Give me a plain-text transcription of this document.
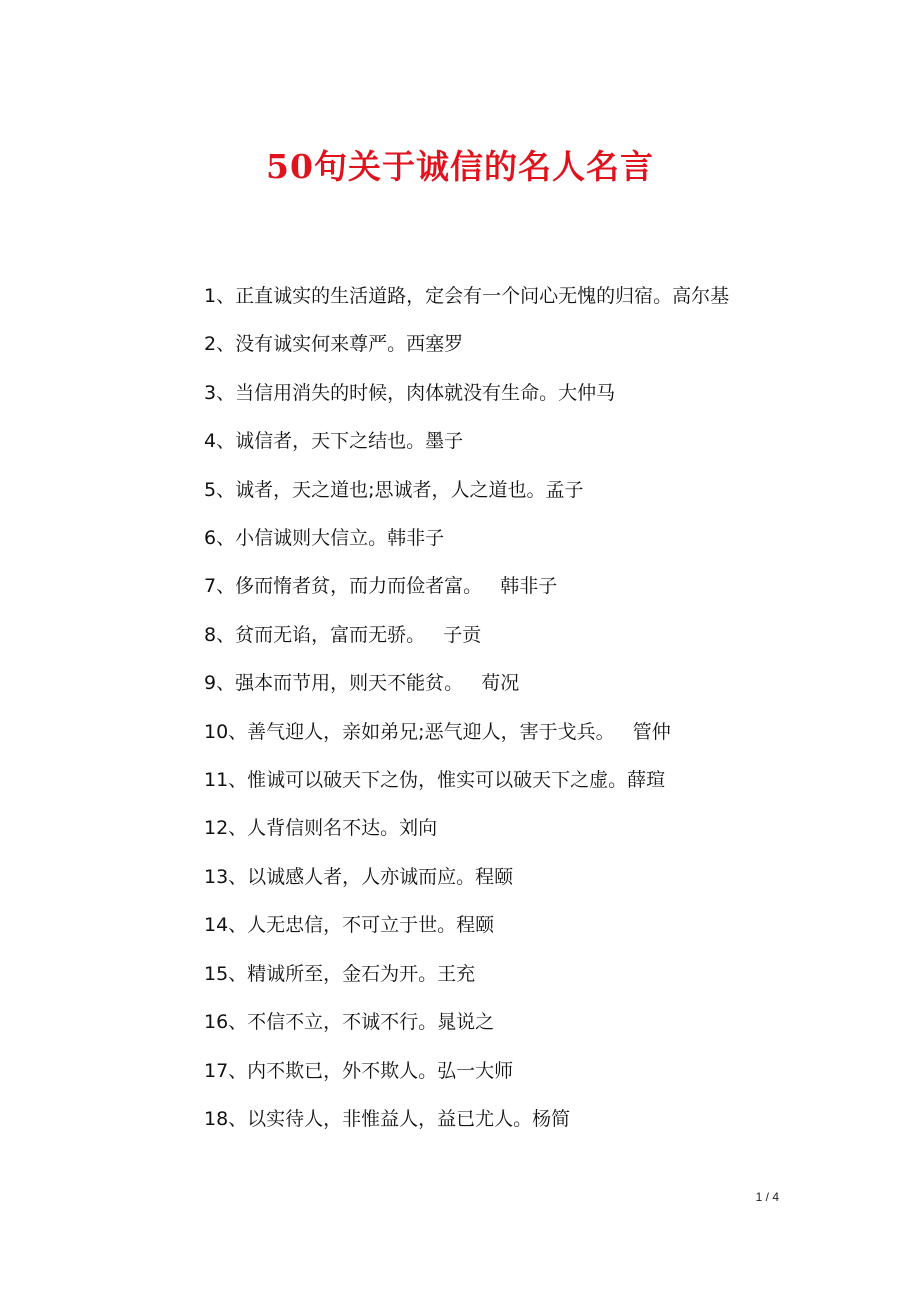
50句关于诚信的名人名言

1、正直诚实的生活道路，定会有一个问心无愧的归宿。高尔基

2、没有诚实何来尊严。西塞罗

3、当信用消失的时候，肉体就没有生命。大仲马

4、诚信者，天下之结也。墨子

5、诚者，天之道也;思诚者，人之道也。孟子

6、小信诚则大信立。韩非子

7、侈而惰者贫，而力而俭者富。   韩非子

8、贫而无谄，富而无骄。   子贡

9、强本而节用，则天不能贫。   荀况

10、善气迎人，亲如弟兄;恶气迎人，害于戈兵。   管仲

11、惟诚可以破天下之伪，惟实可以破天下之虚。薛瑄

12、人背信则名不达。刘向

13、以诚感人者，人亦诚而应。程颐

14、人无忠信，不可立于世。程颐

15、精诚所至，金石为开。王充

16、不信不立，不诚不行。晁说之

17、内不欺已，外不欺人。弘一大师

18、以实待人，非惟益人，益已尤人。杨简

1 / 4
